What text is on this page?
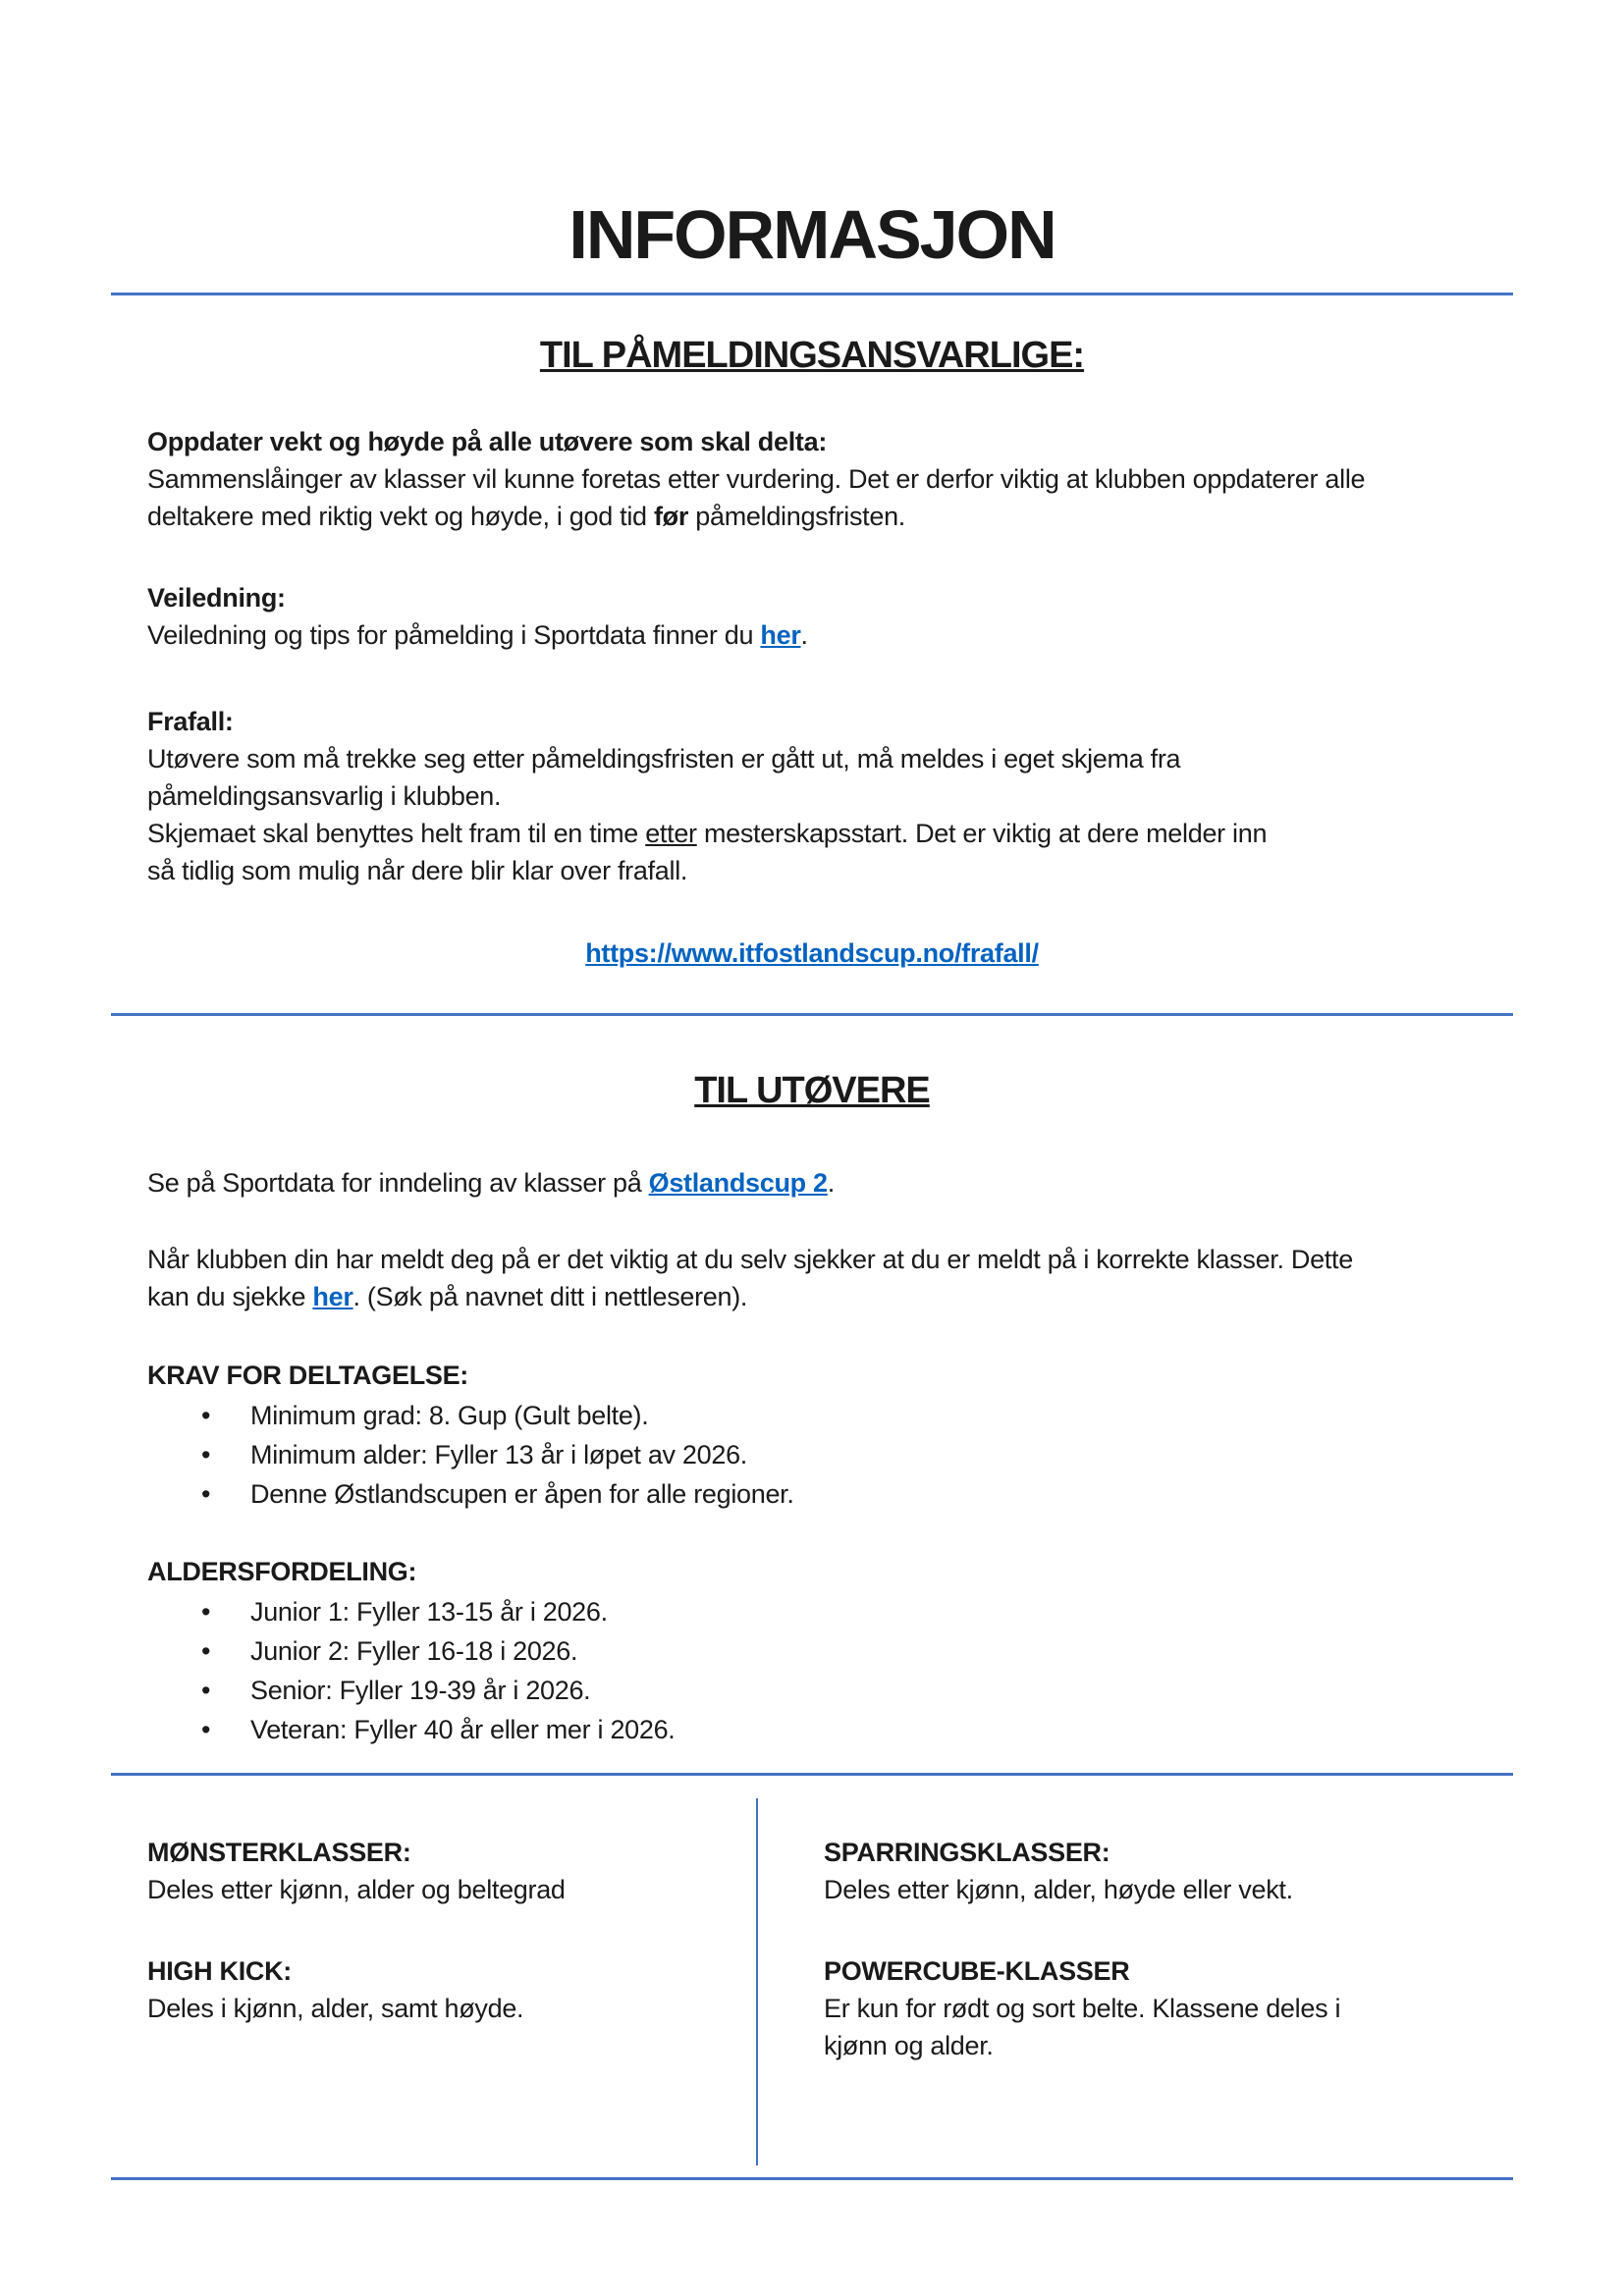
INFORMASJON
TIL PÅMELDINGSANSVARLIGE:

Oppdater vekt og høyde på alle utøvere som skal delta:
Sammenslåinger av klasser vil kunne foretas etter vurdering. Det er derfor viktig at klubben oppdaterer alle
deltakere med riktig vekt og høyde, i god tid før påmeldingsfristen.

Veiledning:
Veiledning og tips for påmelding i Sportdata finner du her.

Frafall:
Utøvere som må trekke seg etter påmeldingsfristen er gått ut, må meldes i eget skjema fra
påmeldingsansvarlig i klubben.
Skjemaet skal benyttes helt fram til en time etter mesterskapsstart. Det er viktig at dere melder inn
så tidlig som mulig når dere blir klar over frafall.

https://www.itfostlandscup.no/frafall/

TIL UTØVERE

Se på Sportdata for inndeling av klasser på Østlandscup 2.

Når klubben din har meldt deg på er det viktig at du selv sjekker at du er meldt på i korrekte klasser. Dette
kan du sjekke her. (Søk på navnet ditt i nettleseren).

KRAV FOR DELTAGELSE:

• Minimum grad: 8. Gup (Gult belte).
• Minimum alder: Fyller 13 år i løpet av 2026.
• Denne Østlandscupen er åpen for alle regioner.

ALDERSFORDELING:

• Junior 1: Fyller 13-15 år i 2026.
• Junior 2: Fyller 16-18 i 2026.
• Senior: Fyller 19-39 år i 2026.
• Veteran: Fyller 40 år eller mer i 2026.
MØNSTERKLASSER:

Deles etter kjønn, alder og beltegrad

HIGH KICK:

Deles i kjønn, alder, samt høyde.

SPARRINGSKLASSER:

Deles etter kjønn, alder, høyde eller vekt.

POWERCUBE-KLASSER

Er kun for rødt og sort belte. Klassene deles i
kjønn og alder.
